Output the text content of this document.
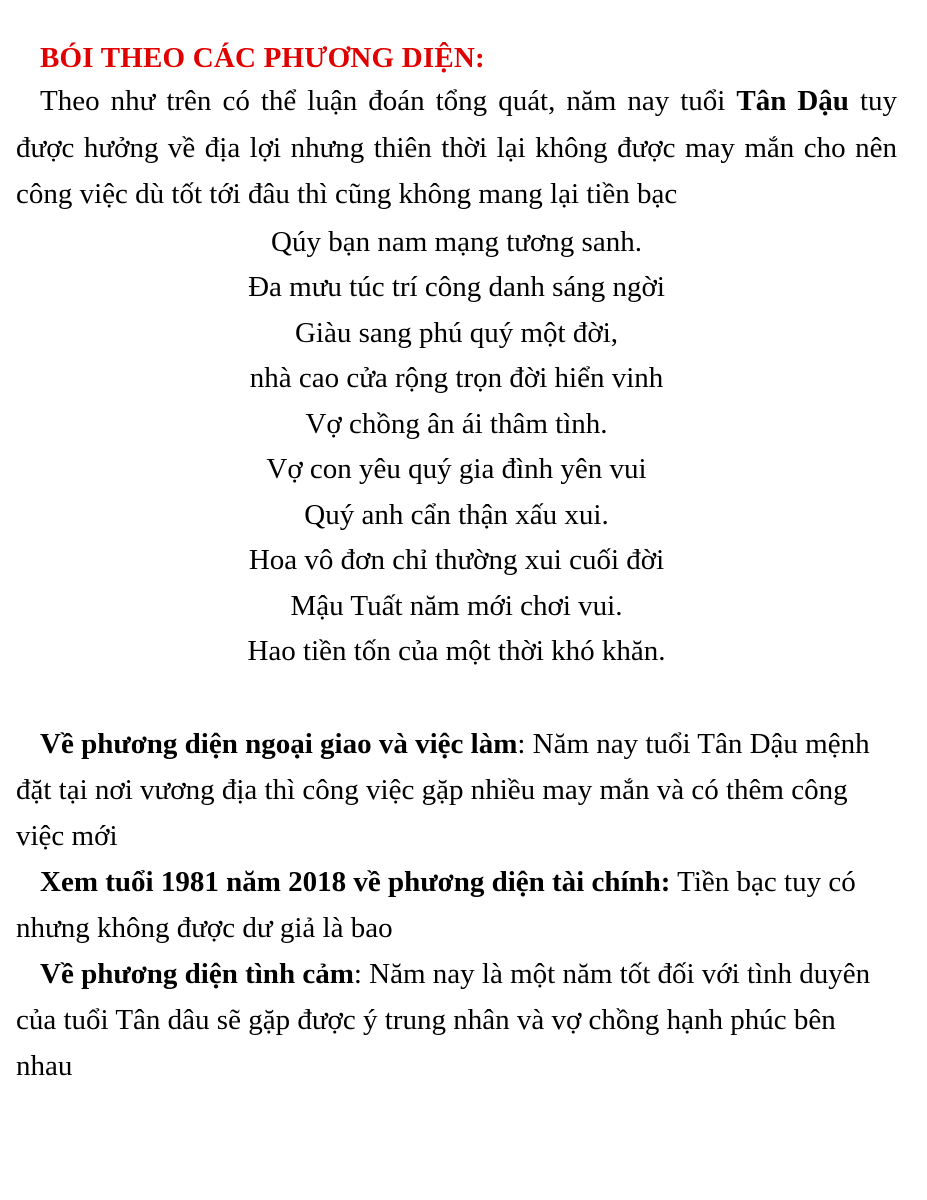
BÓI THEO CÁC PHƯƠNG DIỆN:

Theo như trên có thể luận đoán tổng quát, năm nay tuổi Tân Dậu tuy được hưởng về địa lợi nhưng thiên thời lại không được may mắn cho nên công việc dù tốt tới đâu thì cũng không mang lại tiền bạc

Qúy bạn nam mạng tương sanh.

Đa mưu túc trí công danh sáng ngời

Giàu sang phú quý một đời,

nhà cao cửa rộng trọn đời hiển vinh

Vợ chồng ân ái thâm tình.

Vợ con yêu quý gia đình yên vui

Quý anh cẩn thận xấu xui.

Hoa vô đơn chỉ thường xui cuối đời

Mậu Tuất năm mới chơi vui.

Hao tiền tốn của một thời khó khăn.

Về phương diện ngoại giao và việc làm: Năm nay tuổi Tân Dậu mệnh đặt tại nơi vương địa thì công việc gặp nhiều may mắn và có thêm công việc mới

Xem tuổi 1981 năm 2018 về phương diện tài chính: Tiền bạc tuy có nhưng không được dư giả là bao

Về phương diện tình cảm: Năm nay là một năm tốt đối với tình duyên của tuổi Tân dâu sẽ gặp được ý trung nhân và vợ chồng hạnh phúc bên nhau
